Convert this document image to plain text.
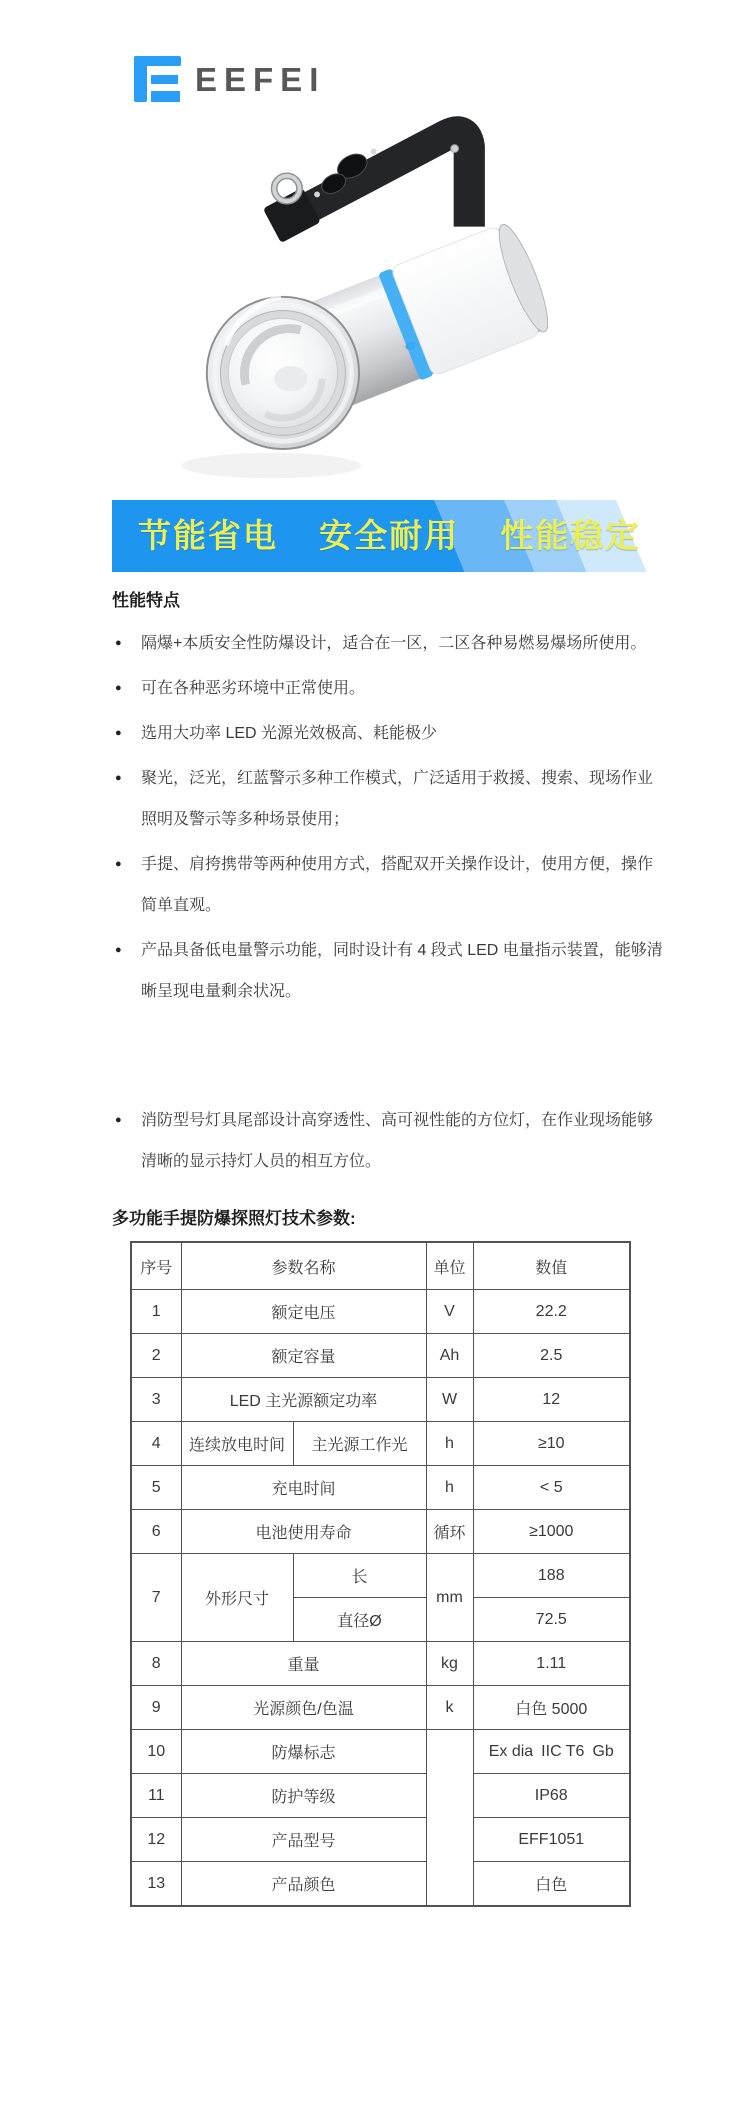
EEFEI
节能省电 安全耐用 性能稳定
性能特点
● 隔爆+本质安全性防爆设计，适合在一区，二区各种易燃易爆场所使用。
● 可在各种恶劣环境中正常使用。
● 选用大功率 LED 光源光效极高、耗能极少
● 聚光，泛光，红蓝警示多种工作模式，广泛适用于救援、搜索、现场作业照明及警示等多种场景使用；
● 手提、肩挎携带等两种使用方式，搭配双开关操作设计，使用方便，操作简单直观。
● 产品具备低电量警示功能，同时设计有 4 段式 LED 电量指示装置，能够清晰呈现电量剩余状况。
● 消防型号灯具尾部设计高穿透性、高可视性能的方位灯，在作业现场能够清晰的显示持灯人员的相互方位。
多功能手提防爆探照灯技术参数:
序号	参数名称		单位	数值
1	额定电压		V	22.2
2	额定容量		Ah	2.5
3	LED 主光源额定功率		W	12
4	连续放电时间	主光源工作光	h	≥10
5	充电时间		h	< 5
6	电池使用寿命		循环	≥1000
7	外形尺寸	长	mm	188
		直径Ø		72.5
8	重量		kg	1.11
9	光源颜色/色温		k	白色 5000
10	防爆标志			Ex dia IIC T6 Gb
11	防护等级			IP68
12	产品型号			EFF1051
13	产品颜色			白色
